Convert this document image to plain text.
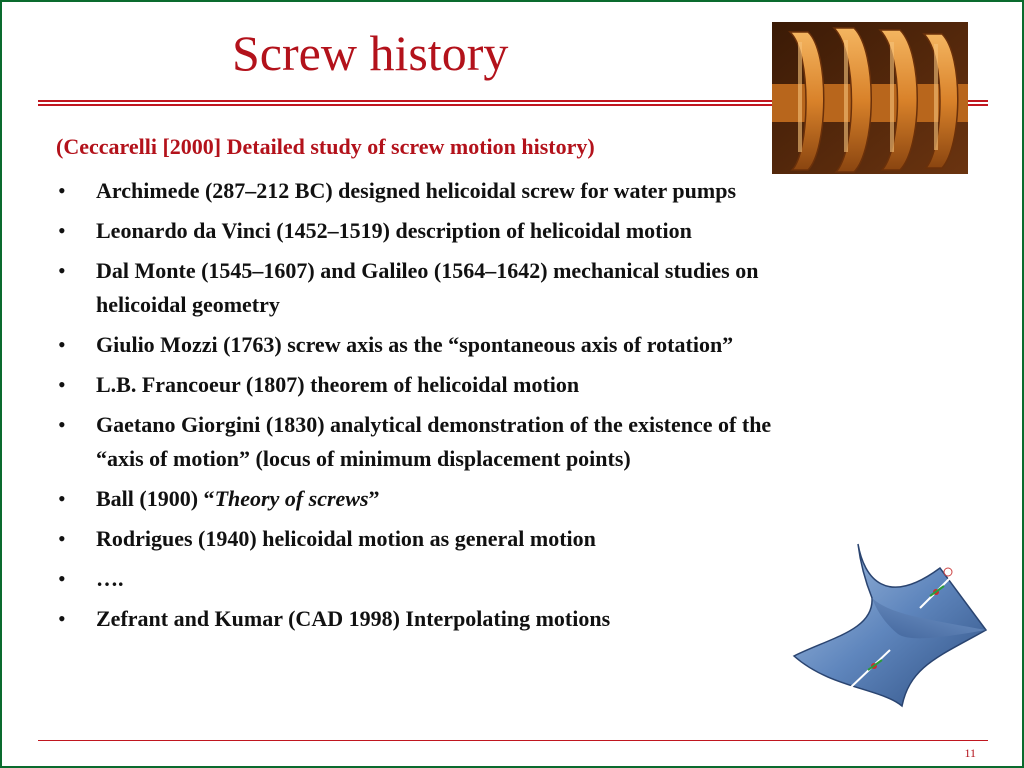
Screw history
(Ceccarelli [2000] Detailed study of screw motion history)
• Archimede (287–212 BC) designed helicoidal screw for water pumps
• Leonardo da Vinci (1452–1519) description of helicoidal motion
• Dal Monte (1545–1607) and Galileo (1564–1642) mechanical studies on
helicoidal geometry
• Giulio Mozzi (1763) screw axis as the “spontaneous axis of rotation”
• L.B. Francoeur (1807) theorem of helicoidal motion
• Gaetano Giorgini (1830) analytical demonstration of the existence of the
“axis of motion” (locus of minimum displacement points)
• Ball (1900) “Theory of screws”
• Rodrigues (1940) helicoidal motion as general motion
• ….
• Zefrant and Kumar (CAD 1998) Interpolating motions
11
